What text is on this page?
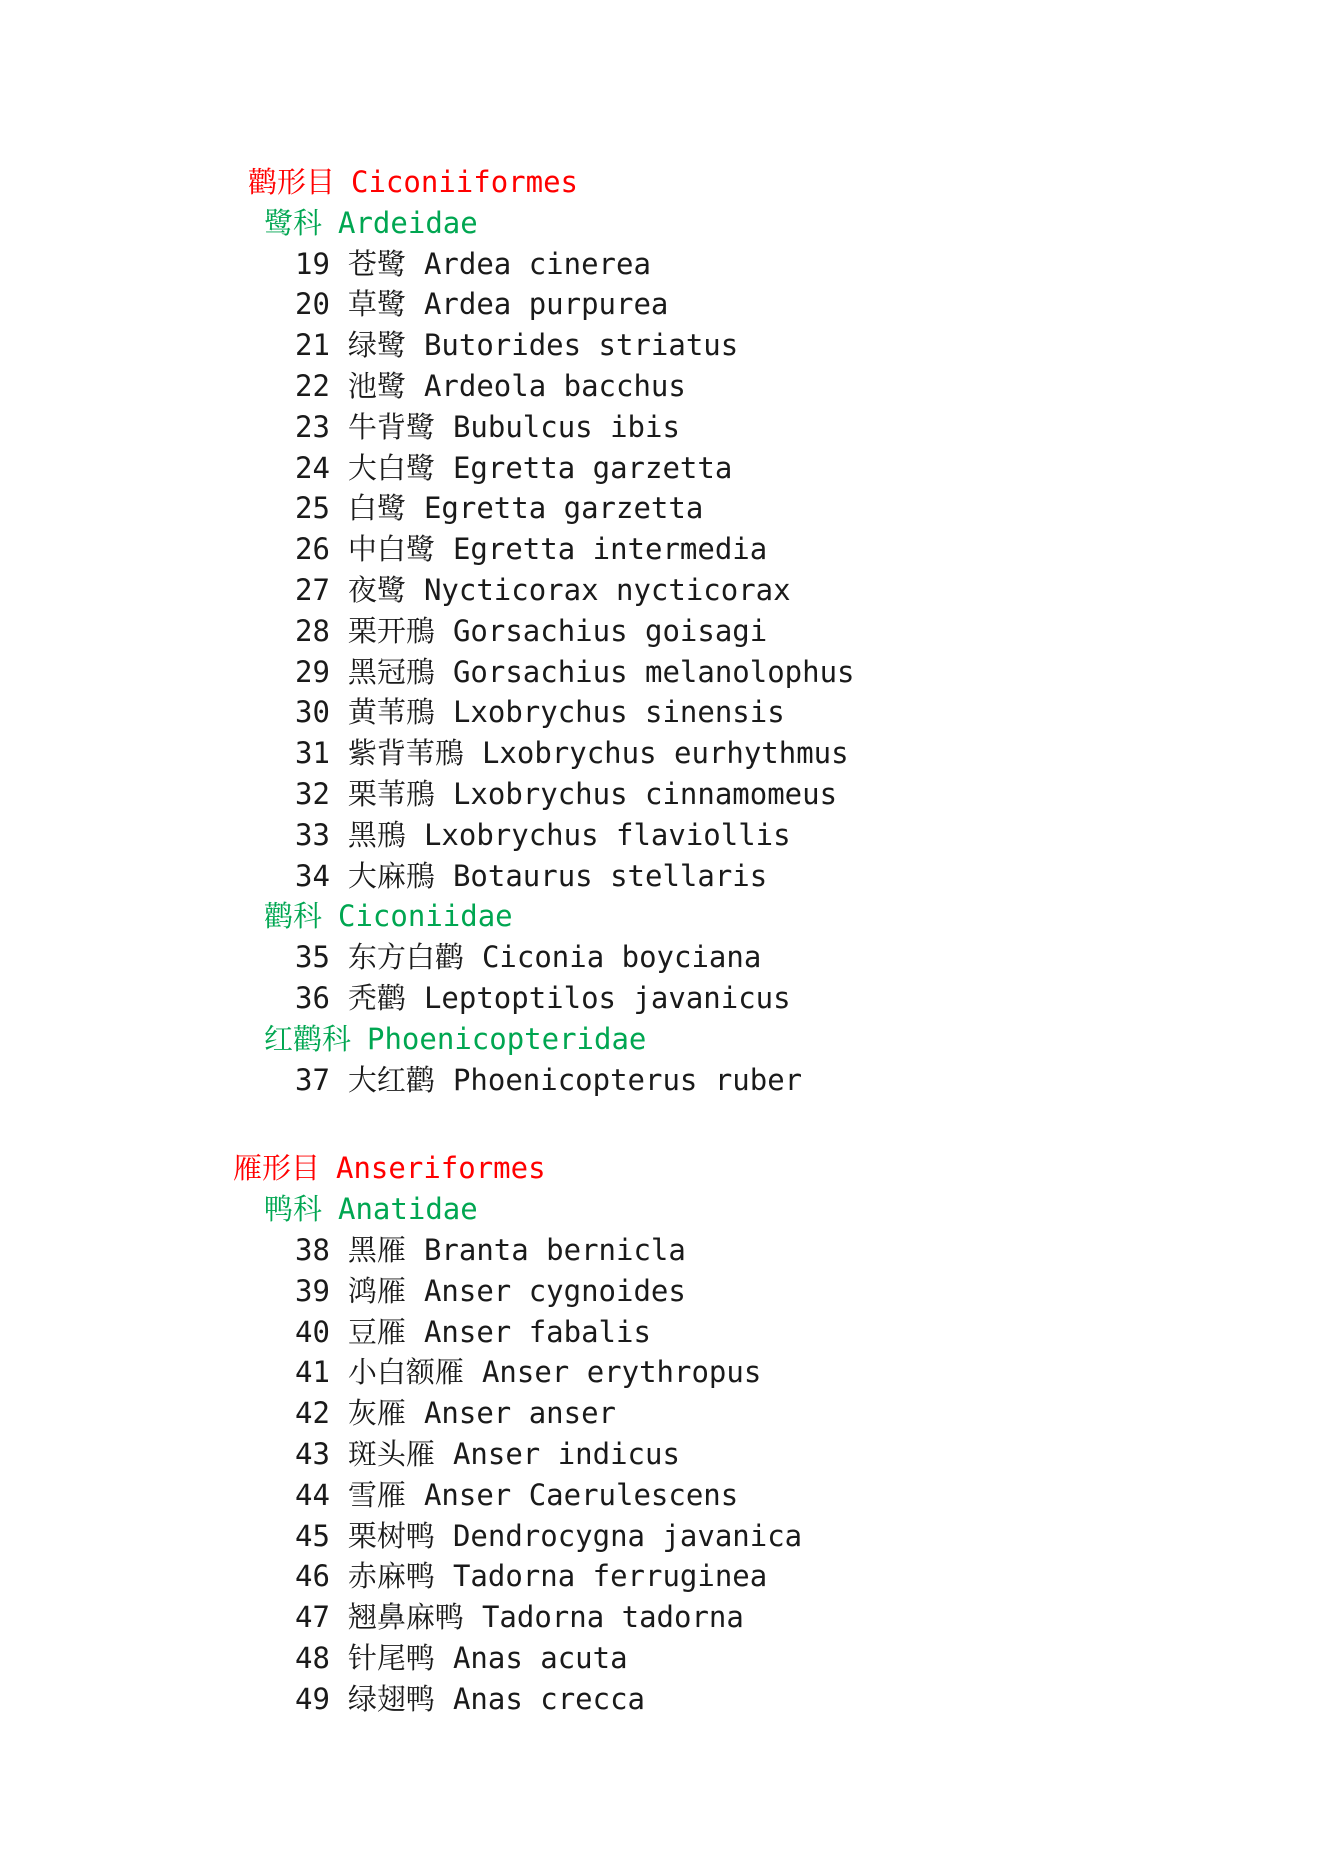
鹳形目 Ciconiiformes
鹭科 Ardeidae
19 苍鹭 Ardea cinerea
20 草鹭 Ardea purpurea
21 绿鹭 Butorides striatus
22 池鹭 Ardeola bacchus
23 牛背鹭 Bubulcus ibis
24 大白鹭 Egretta garzetta
25 白鹭 Egretta garzetta
26 中白鹭 Egretta intermedia
27 夜鹭 Nycticorax nycticorax
28 栗开鳽 Gorsachius goisagi
29 黑冠鳽 Gorsachius melanolophus
30 黄苇鳽 Lxobrychus sinensis
31 紫背苇鳽 Lxobrychus eurhythmus
32 栗苇鳽 Lxobrychus cinnamomeus
33 黑鳽 Lxobrychus flaviollis
34 大麻鳽 Botaurus stellaris
鹳科 Ciconiidae
35 东方白鹳 Ciconia boyciana
36 秃鹳 Leptoptilos javanicus
红鹳科 Phoenicopteridae
37 大红鹳 Phoenicopterus ruber
雁形目 Anseriformes
鸭科 Anatidae
38 黑雁 Branta bernicla
39 鸿雁 Anser cygnoides
40 豆雁 Anser fabalis
41 小白额雁 Anser erythropus
42 灰雁 Anser anser
43 斑头雁 Anser indicus
44 雪雁 Anser Caerulescens
45 栗树鸭 Dendrocygna javanica
46 赤麻鸭 Tadorna ferruginea
47 翘鼻麻鸭 Tadorna tadorna
48 针尾鸭 Anas acuta
49 绿翅鸭 Anas crecca
